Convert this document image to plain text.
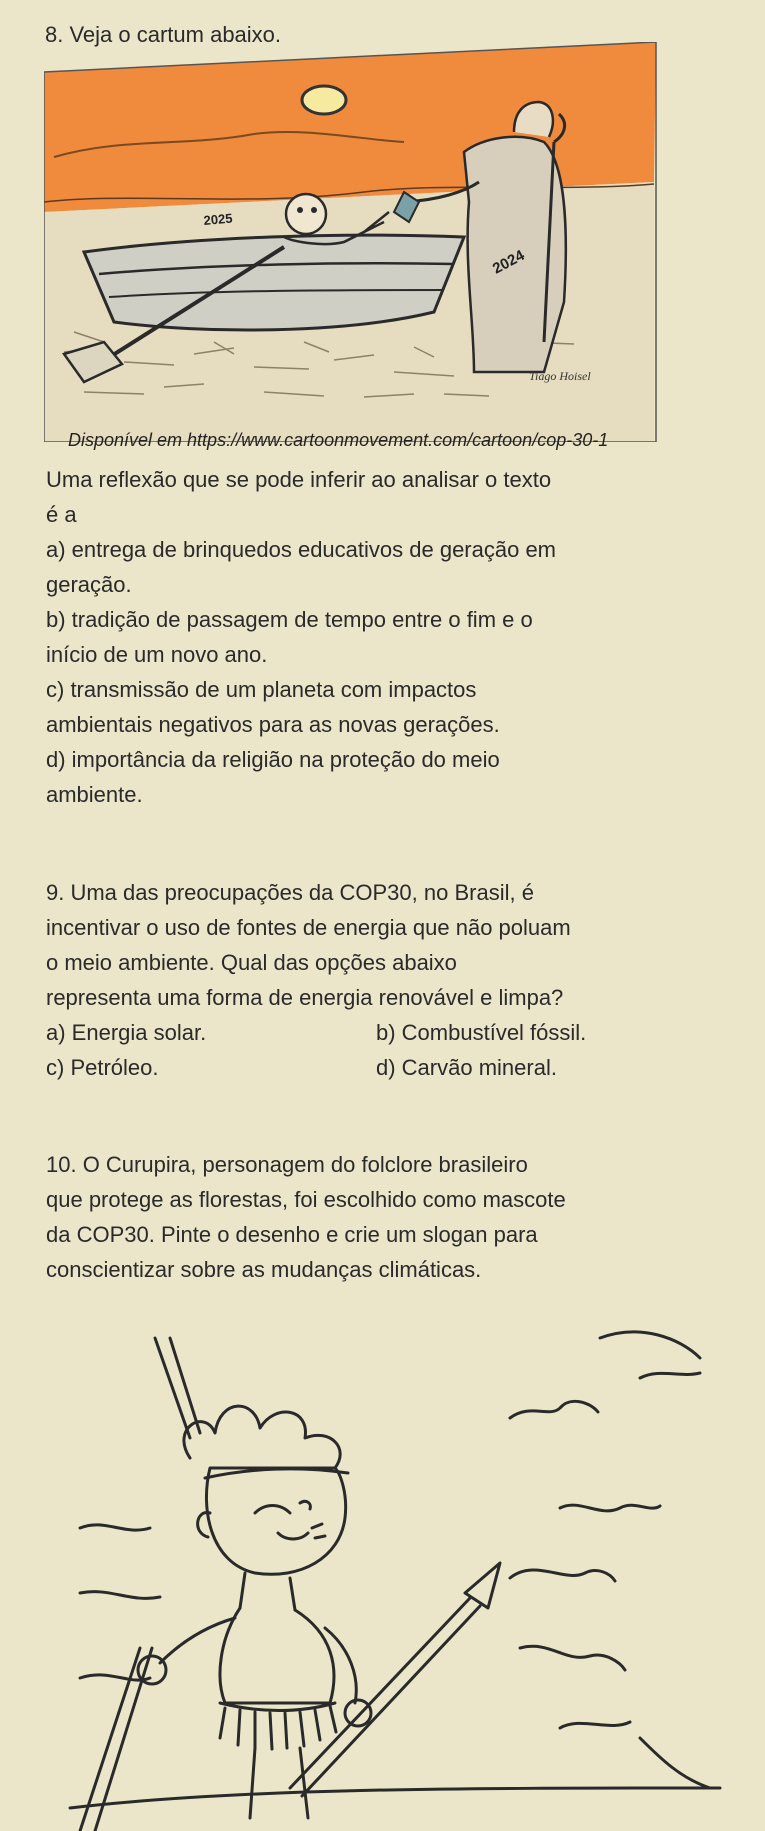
8. Veja o cartum abaixo.
2025
2024
Tiago Hoisel
Disponível em https://www.cartoonmovement.com/cartoon/cop-30-1

Uma reflexão que se pode inferir ao analisar o texto

é a

a) entrega de brinquedos educativos de geração em

geração.

b) tradição de passagem de tempo entre o fim e o

início de um novo ano.

c) transmissão de um planeta com impactos

ambientais negativos para as novas gerações.

d) importância da religião na proteção do meio

ambiente.

9. Uma das preocupações da COP30, no Brasil, é

incentivar o uso de fontes de energia que não poluam

o meio ambiente. Qual das opções abaixo

representa uma forma de energia renovável e limpa?

a) Energia solar.	b) Combustível fóssil.
c) Petróleo.	d) Carvão mineral.

10. O Curupira, personagem do folclore brasileiro

que protege as florestas, foi escolhido como mascote

da COP30. Pinte o desenho e crie um slogan para

conscientizar sobre as mudanças climáticas.
